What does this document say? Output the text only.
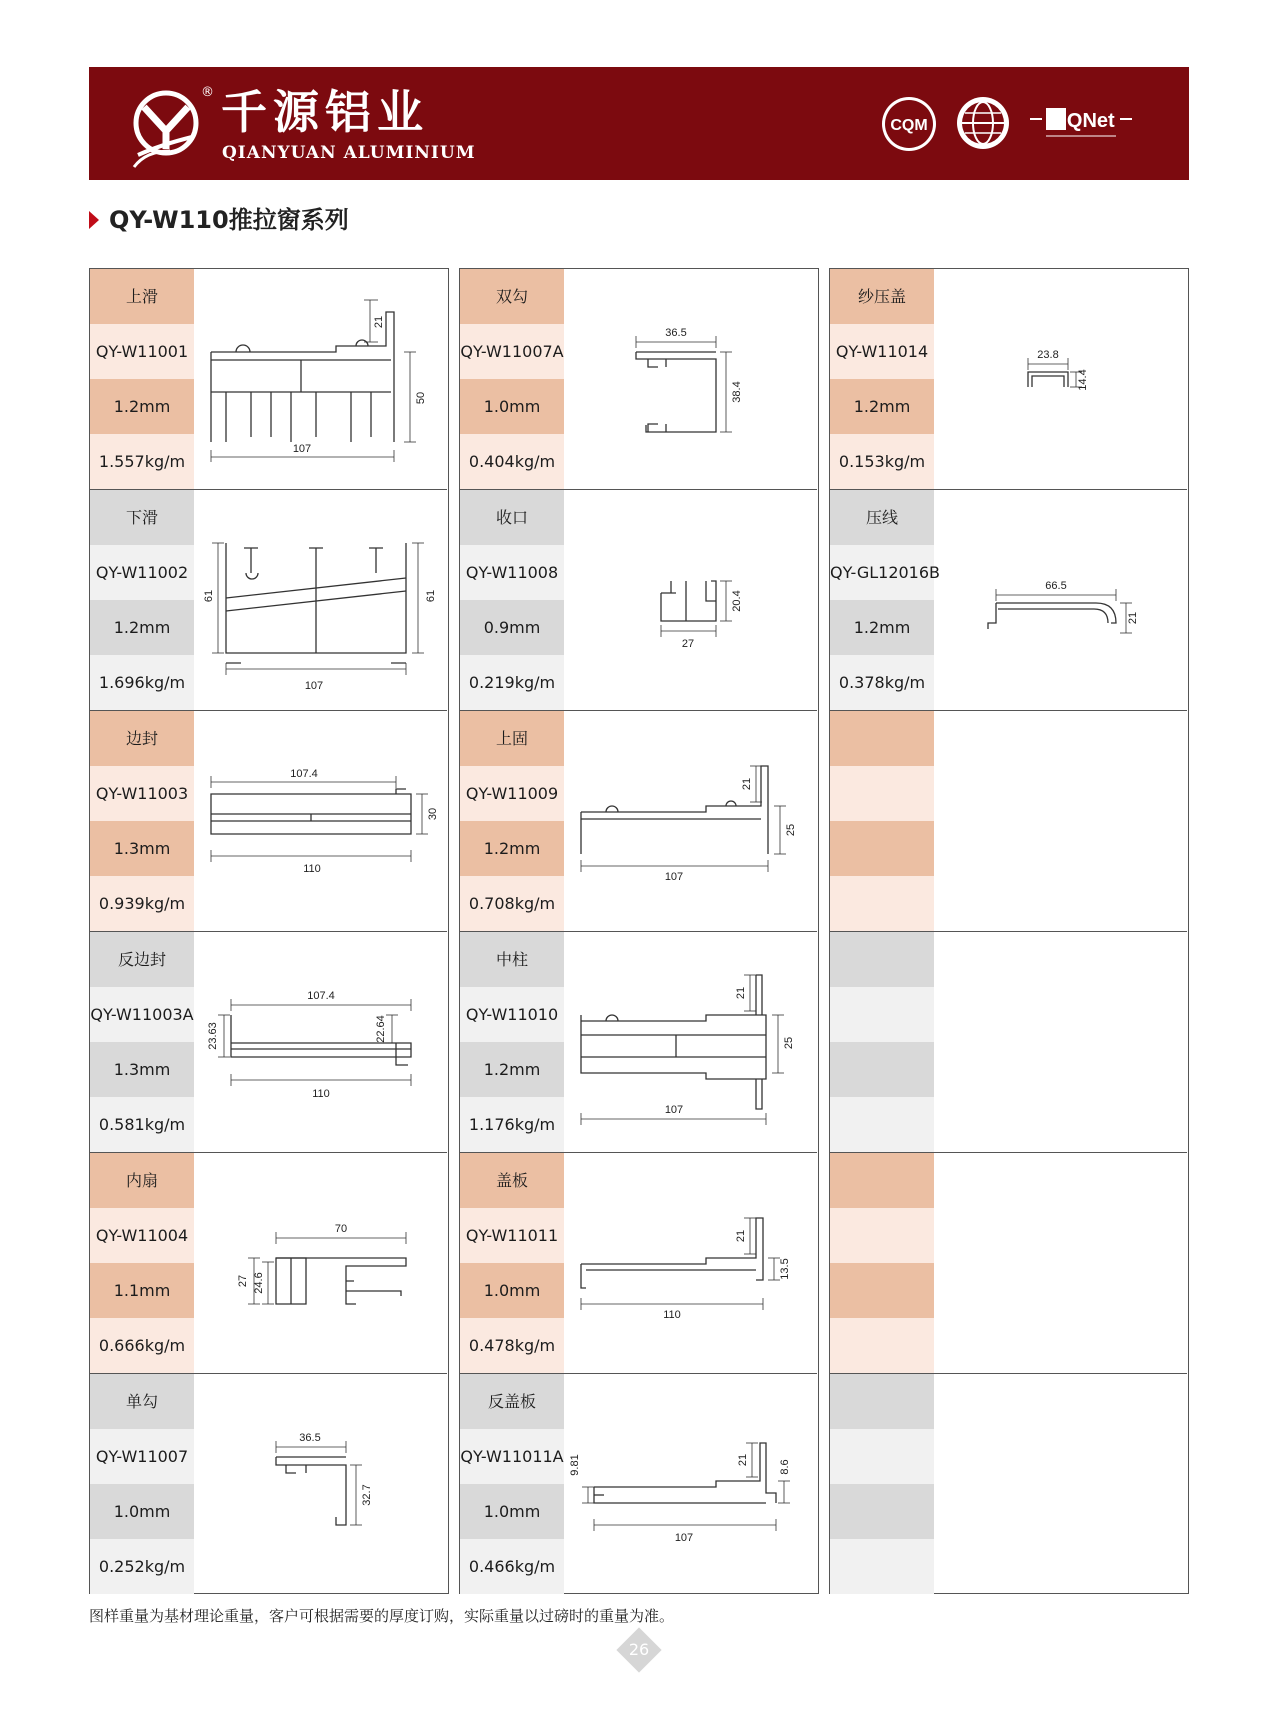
® 千源铝业
QIANYUAN ALUMINIUM
CQM	IQNet
QY-W110推拉窗系列
上滑
QY-W11001
1.2mm
1.557kg/m
21
50
107
下滑
QY-W11002
1.2mm
1.696kg/m
61	61
107
边封
QY-W11003
1.3mm
0.939kg/m
107.4
30
110
反边封
QY-W11003A
1.3mm
0.581kg/m
107.4
23.63	22.64
110
内扇
QY-W11004
1.1mm
0.666kg/m
70
27 24.6
单勾
QY-W11007
1.0mm
0.252kg/m
36.5
32.7
双勾
QY-W11007A
1.0mm
0.404kg/m
36.5
38.4
收口
QY-W11008
0.9mm
0.219kg/m
20.4
27
上固
QY-W11009
1.2mm
0.708kg/m
21
25
107
中柱
QY-W11010
1.2mm
1.176kg/m
21
25
107
盖板
QY-W11011
1.0mm
0.478kg/m
21
13.5
110
反盖板
QY-W11011A
1.0mm
0.466kg/m
9.81	21	8.6
107
纱压盖
QY-W11014
1.2mm
0.153kg/m
23.8
14.4
压线
QY-GL12016B
1.2mm
0.378kg/m
66.5
21
图样重量为基材理论重量，客户可根据需要的厚度订购，实际重量以过磅时的重量为准。
26
